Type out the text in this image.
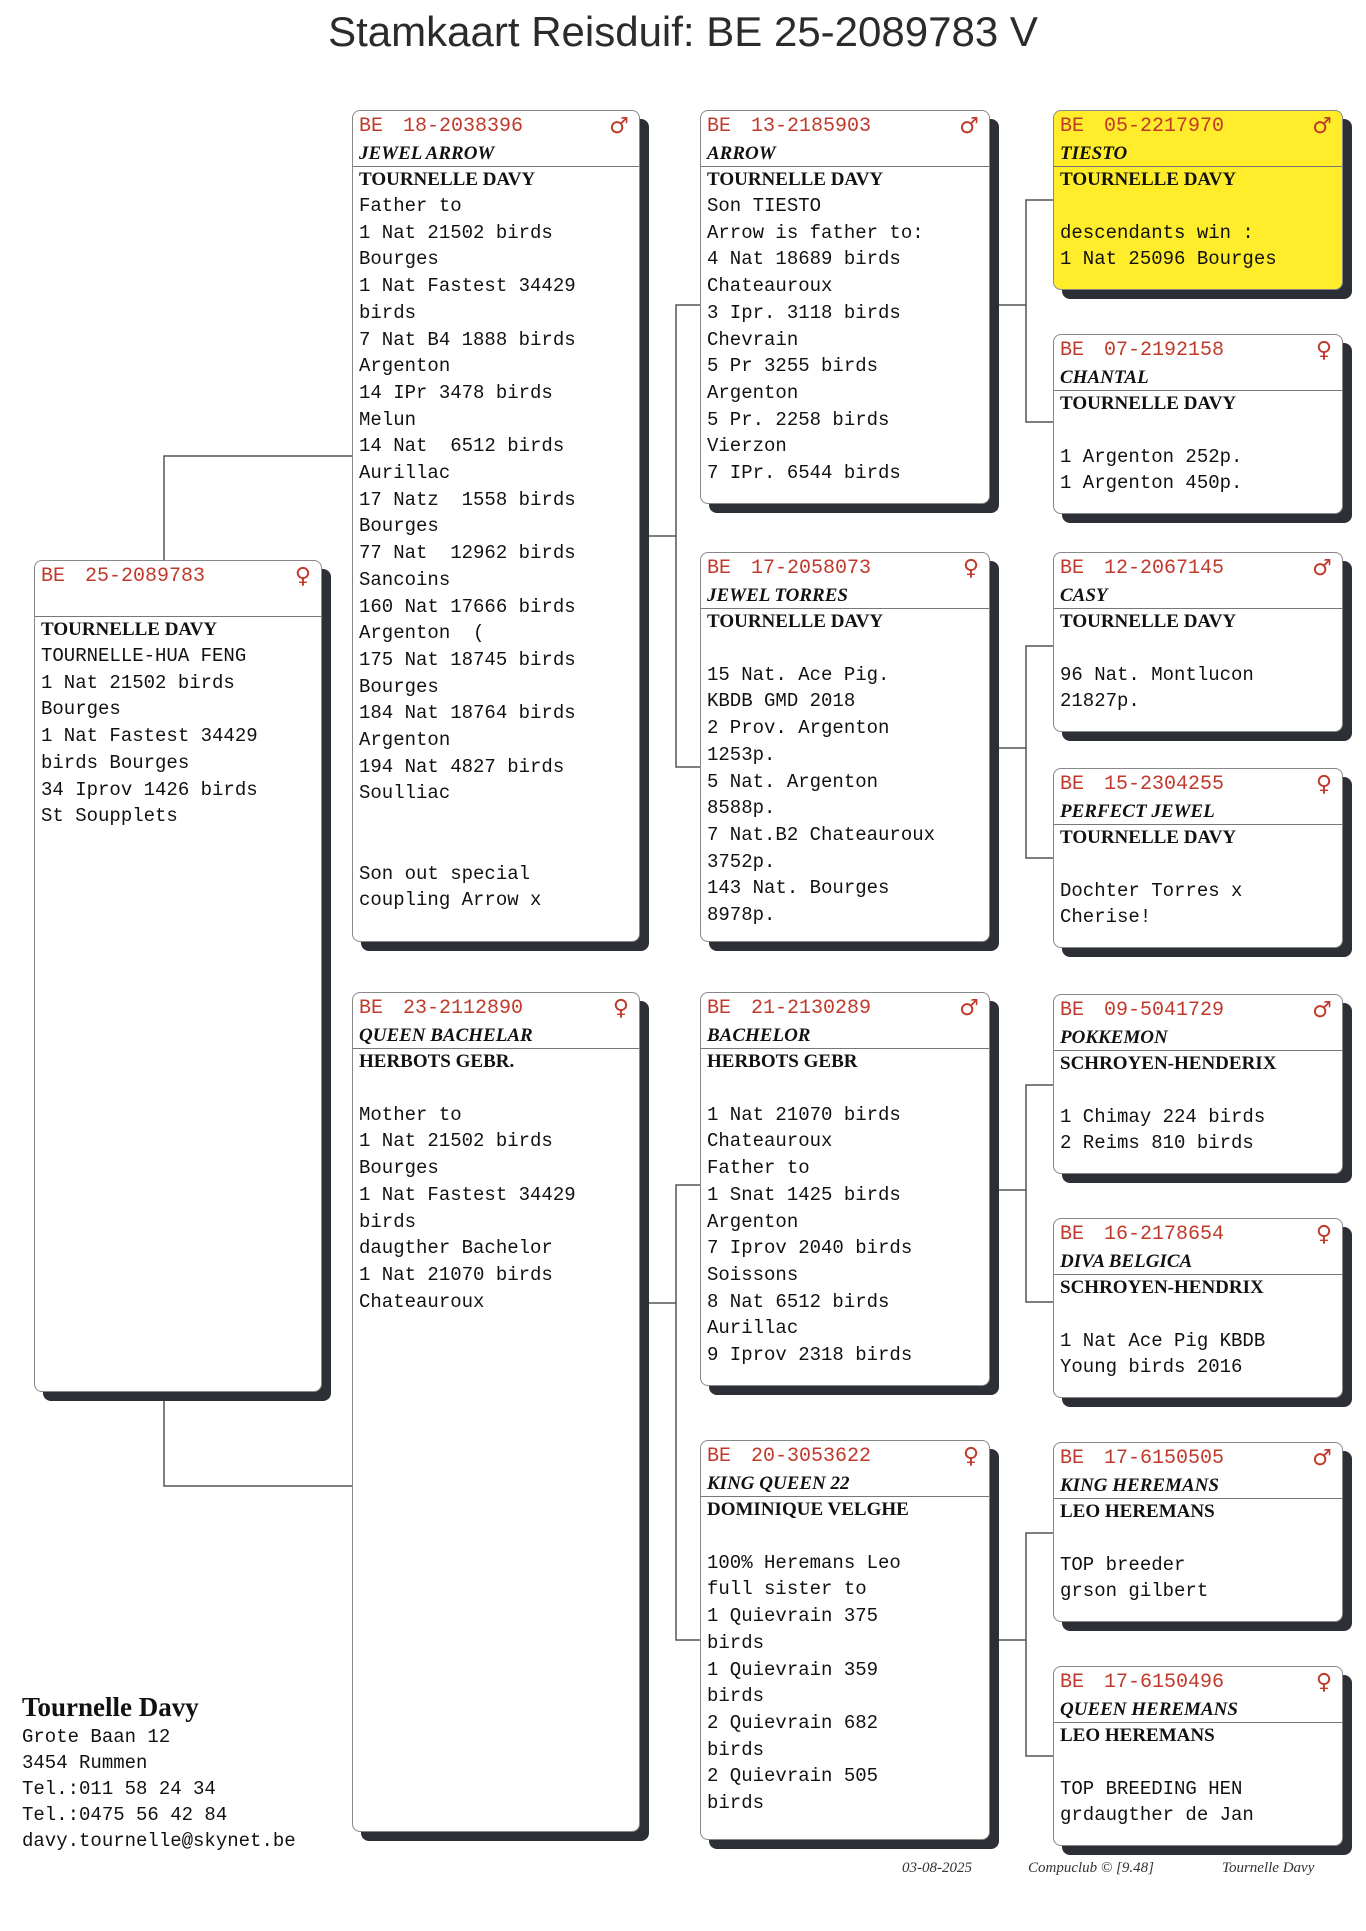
Stamkaart Reisduif: BE 25-2089783 V
BE 25-2089783	♀
TOURNELLE DAVY
TOURNELLE-HUA FENG
1 Nat 21502 birds
Bourges
1 Nat Fastest 34429
birds Bourges
34 Iprov 1426 birds
St Soupplets
BE 18-2038396	♂
JEWEL ARROW
TOURNELLE DAVY
Father to
1 Nat 21502 birds
Bourges
1 Nat Fastest 34429
birds
7 Nat B4 1888 birds
Argenton
14 IPr 3478 birds
Melun
14 Nat  6512 birds
Aurillac
17 Natz  1558 birds
Bourges
77 Nat  12962 birds
Sancoins
160 Nat 17666 birds
Argenton  (
175 Nat 18745 birds
Bourges
184 Nat 18764 birds
Argenton
194 Nat 4827 birds
Soulliac
Son out special
coupling Arrow x
BE 23-2112890	♀
QUEEN BACHELAR
HERBOTS GEBR.
Mother to
1 Nat 21502 birds
Bourges
1 Nat Fastest 34429
birds
daugther Bachelor
1 Nat 21070 birds
Chateauroux
BE 13-2185903	♂
ARROW
TOURNELLE DAVY
Son TIESTO
Arrow is father to:
4 Nat 18689 birds
Chateauroux
3 Ipr. 3118 birds
Chevrain
5 Pr 3255 birds
Argenton
5 Pr. 2258 birds
Vierzon
7 IPr. 6544 birds
BE 17-2058073	♀
JEWEL TORRES
TOURNELLE DAVY
15 Nat. Ace Pig.
KBDB GMD 2018
2 Prov. Argenton
1253p.
5 Nat. Argenton
8588p.
7 Nat.B2 Chateauroux
3752p.
143 Nat. Bourges
8978p.
BE 21-2130289	♂
BACHELOR
HERBOTS GEBR
1 Nat 21070 birds
Chateauroux
Father to
1 Snat 1425 birds
Argenton
7 Iprov 2040 birds
Soissons
8 Nat 6512 birds
Aurillac
9 Iprov 2318 birds
BE 20-3053622	♀
KING QUEEN 22
DOMINIQUE VELGHE
100% Heremans Leo
full sister to
1 Quievrain 375
birds
1 Quievrain 359
birds
2 Quievrain 682
birds
2 Quievrain 505
birds
BE 05-2217970	♂
TIESTO
TOURNELLE DAVY
descendants win :
1 Nat 25096 Bourges
BE 07-2192158	♀
CHANTAL
TOURNELLE DAVY
1 Argenton 252p.
1 Argenton 450p.
BE 12-2067145	♂
CASY
TOURNELLE DAVY
96 Nat. Montlucon
21827p.
BE 15-2304255	♀
PERFECT JEWEL
TOURNELLE DAVY
Dochter Torres x
Cherise!
BE 09-5041729	♂
POKKEMON
SCHROYEN-HENDERIX
1 Chimay 224 birds
2 Reims 810 birds
BE 16-2178654	♀
DIVA BELGICA
SCHROYEN-HENDRIX
1 Nat Ace Pig KBDB
Young birds 2016
BE 17-6150505	♂
KING HEREMANS
LEO HEREMANS
TOP breeder
grson gilbert
BE 17-6150496	♀
QUEEN HEREMANS
LEO HEREMANS
TOP BREEDING HEN
grdaugther de Jan
Tournelle Davy
Grote Baan 12
3454 Rummen
Tel.:011 58 24 34
Tel.:0475 56 42 84
davy.tournelle@skynet.be
03-08-2025	Compuclub © [9.48]	Tournelle Davy
